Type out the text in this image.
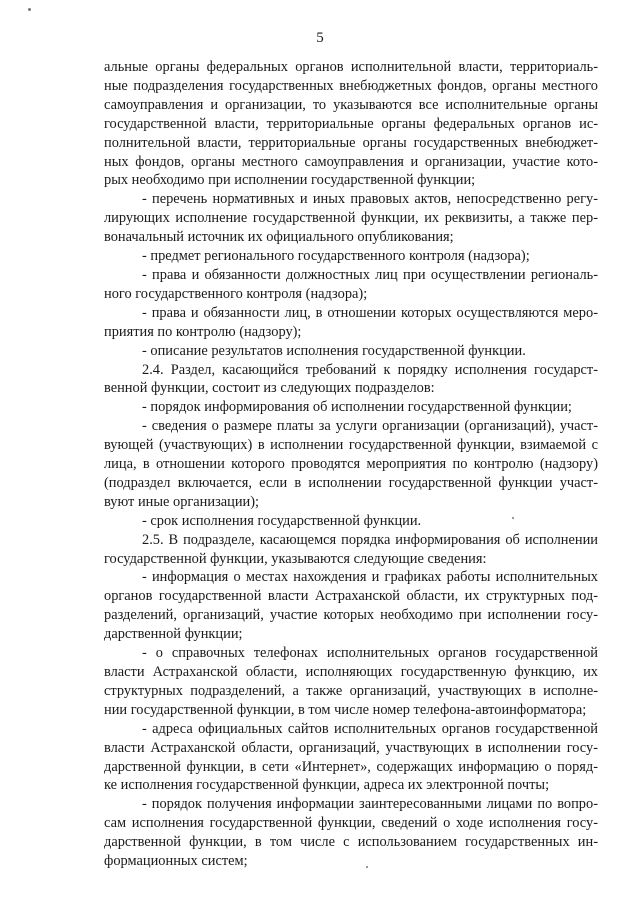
5
альные органы федеральных органов исполнительной власти, территориаль-
ные подразделения государственных внебюджетных фондов, органы местного
самоуправления и организации, то указываются все исполнительные органы
государственной власти, территориальные органы федеральных органов ис-
полнительной власти, территориальные органы государственных внебюджет-
ных фондов, органы местного самоуправления и организации, участие кото-
рых необходимо при исполнении государственной функции;
- перечень нормативных и иных правовых актов, непосредственно регу-
лирующих исполнение государственной функции, их реквизиты, а также пер-
воначальный источник их официального опубликования;
- предмет регионального государственного контроля (надзора);
- права и обязанности должностных лиц при осуществлении региональ-
ного государственного контроля (надзора);
- права и обязанности лиц, в отношении которых осуществляются меро-
приятия по контролю (надзору);
- описание результатов исполнения государственной функции.
2.4. Раздел, касающийся требований к порядку исполнения государст-
венной функции, состоит из следующих подразделов:
- порядок информирования об исполнении государственной функции;
- сведения о размере платы за услуги организации (организаций), участ-
вующей (участвующих) в исполнении государственной функции, взимаемой с
лица, в отношении которого проводятся мероприятия по контролю (надзору)
(подраздел включается, если в исполнении государственной функции участ-
вуют иные организации);
- срок исполнения государственной функции.
2.5. В подразделе, касающемся порядка информирования об исполнении
государственной функции, указываются следующие сведения:
- информация о местах нахождения и графиках работы исполнительных
органов государственной власти Астраханской области, их структурных под-
разделений, организаций, участие которых необходимо при исполнении госу-
дарственной функции;
- о справочных телефонах исполнительных органов государственной
власти Астраханской области, исполняющих государственную функцию, их
структурных подразделений, а также организаций, участвующих в исполне-
нии государственной функции, в том числе номер телефона-автоинформатора;
- адреса официальных сайтов исполнительных органов государственной
власти Астраханской области, организаций, участвующих в исполнении госу-
дарственной функции, в сети «Интернет», содержащих информацию о поряд-
ке исполнения государственной функции, адреса их электронной почты;
- порядок получения информации заинтересованными лицами по вопро-
сам исполнения государственной функции, сведений о ходе исполнения госу-
дарственной функции, в том числе с использованием государственных ин-
формационных систем;
